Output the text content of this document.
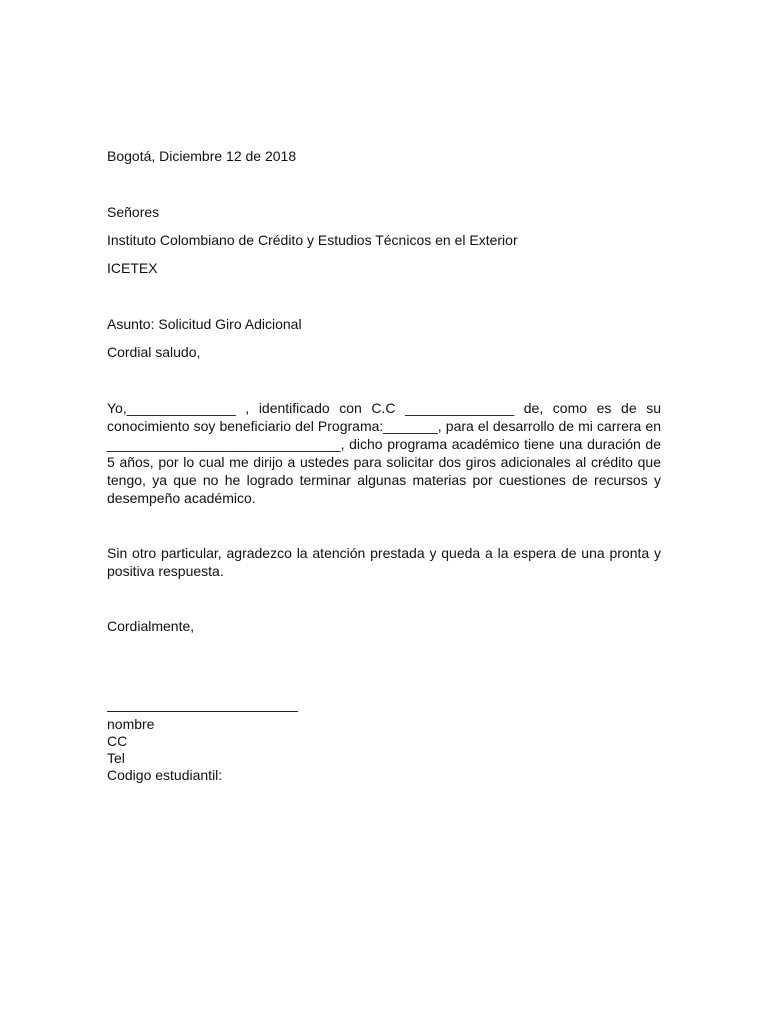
Bogotá, Diciembre 12 de 2018
Señores
Instituto Colombiano de Crédito y Estudios Técnicos en el Exterior
ICETEX
Asunto: Solicitud Giro Adicional
Cordial saludo,

Yo,______________ , identificado con C.C ______________ de, como es de su conocimiento soy beneficiario del Programa:_______, para el desarrollo de mi carrera en ______________________________, dicho programa académico tiene una duración de 5 años, por lo cual me dirijo a ustedes para solicitar dos giros adicionales al crédito que tengo, ya que no he logrado terminar algunas materias por cuestiones de recursos y desempeño académico.

Sin otro particular, agradezco la atención prestada y queda a la espera de una pronta y positiva respuesta.

Cordialmente,
nombre
CC
Tel
Codigo estudiantil:
